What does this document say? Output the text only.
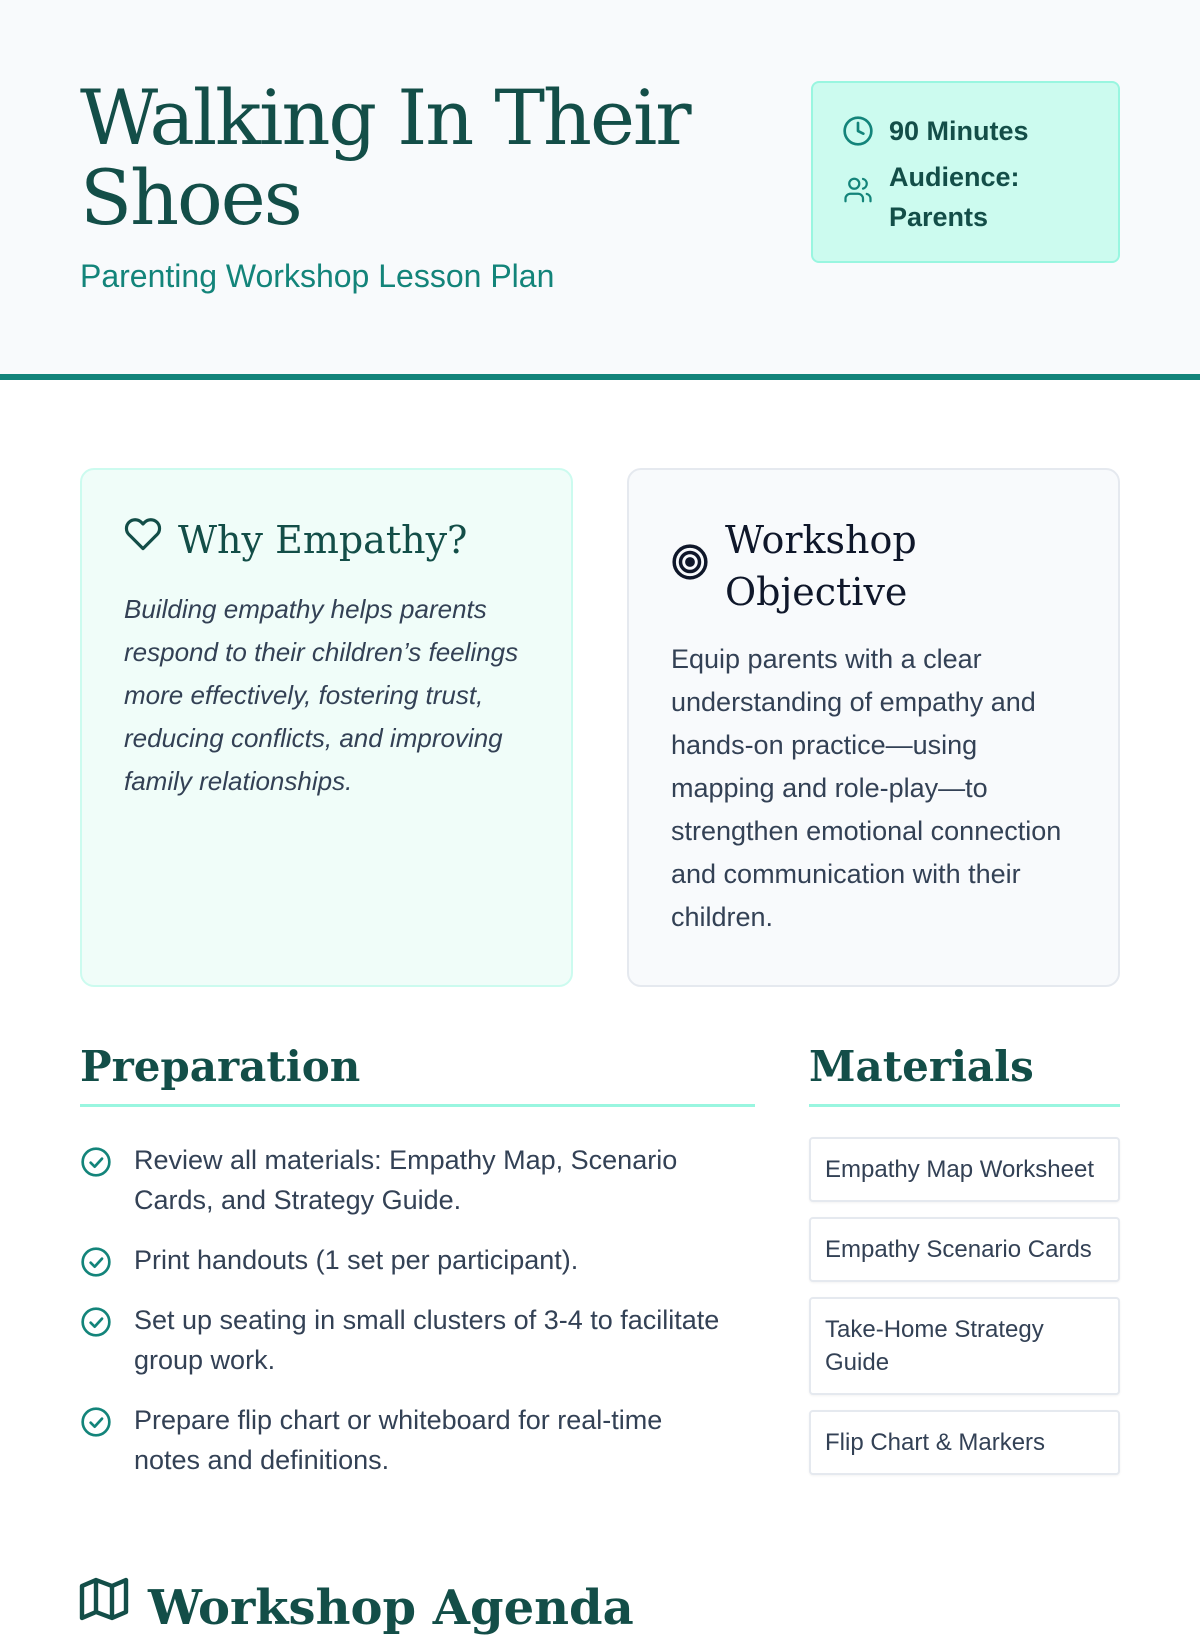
Walking In Their Shoes
Parenting Workshop Lesson Plan
90 Minutes
Audience: Parents
Why Empathy?

Building empathy helps parents respond to their children’s feelings more effectively, fostering trust, reducing conflicts, and improving family relationships.

Workshop Objective

Equip parents with a clear understanding of empathy and hands-on practice—using mapping and role-play—to strengthen emotional connection and communication with their children.

Preparation
Review all materials: Empathy Map, Scenario Cards, and Strategy Guide.
Print handouts (1 set per participant).
Set up seating in small clusters of 3-4 to facilitate group work.
Prepare flip chart or whiteboard for real-time notes and definitions.
Materials
Empathy Map Worksheet
Empathy Scenario Cards
Take-Home Strategy Guide
Flip Chart & Markers
Workshop Agenda
